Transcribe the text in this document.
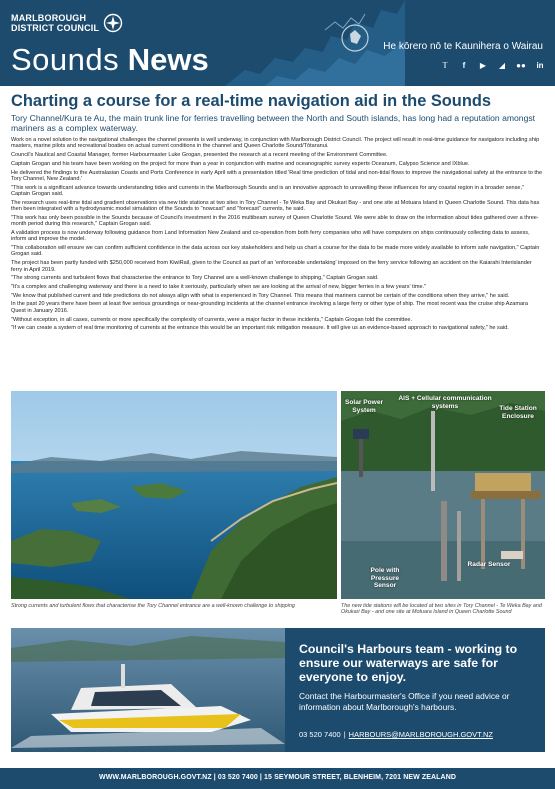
MARLBOROUGH
DISTRICT COUNCIL
Sounds News	He kōrero nō te Kaunihera o Wairau
𝕋	f	▶ ◢ ●● in
Charting a course for a real-time navigation aid in the Sounds

Tory Channel/Kura te Au, the main trunk line for ferries travelling between the North and South islands, has long had a reputation amongst mariners as a complex waterway.

Work on a novel solution to the navigational challenges the channel presents is well underway, in conjunction with Marlborough District Council. The project will result in real-time guidance for navigators including ship masters, marine pilots and recreational boaties on actual current conditions in the channel and Queen Charlotte Sound/Tōtaranui.

Council's Nautical and Coastal Manager, former Harbourmaster Luke Grogan, presented the research at a recent meeting of the Environment Committee.

Captain Grogan and his team have been working on the project for more than a year in conjunction with marine and oceanographic survey experts Oceanum, Calypso Science and IXblue.

He delivered the findings to the Australasian Coasts and Ports Conference in early April with a presentation titled 'Real time prediction of tidal and non-tidal flows to improve the navigational safety at the entrance to the Tory Channel, New Zealand.'

"This work is a significant advance towards understanding tides and currents in the Marlborough Sounds and is an innovative approach to unravelling these influences for any coastal region in a broader sense," Captain Grogan said.

The research uses real-time tidal and gradient observations via new tide stations at two sites in Tory Channel - Te Weka Bay and Okukari Bay - and one site at Motuara Island in Queen Charlotte Sound. This data has then been integrated with a hydrodynamic model simulation of the Sounds to "nowcast" and "forecast" currents, he said.

"This work has only been possible in the Sounds because of Council's investment in the 2016 multibeam survey of Queen Charlotte Sound. We were able to draw on the information about tides gathered over a three-month period during this research," Captain Grogan said.

A validation process is now underway following guidance from Land Information New Zealand and co-operation from both ferry companies who will have computers on ships continuously collecting data to assess, inform and improve the model.

"This collaboration will ensure we can confirm sufficient confidence in the data across our key stakeholders and help us chart a course for the data to be made more widely available to inform safe navigation," Captain Grogan said.

The project has been partly funded with $250,000 received from KiwiRail, given to the Council as part of an 'enforceable undertaking' imposed on the ferry service following an accident on the Kaiarahi Interislander ferry in April 2019.

"The strong currents and turbulent flows that characterise the entrance to Tory Channel are a well-known challenge to shipping," Captain Grogan said.

"It's a complex and challenging waterway and there is a need to take it seriously, particularly when we are looking at the arrival of new, bigger ferries in a few years' time."

"We know that published current and tide predictions do not always align with what is experienced in Tory Channel. This means that mariners cannot be certain of the conditions when they arrive," he said.

In the past 20 years there have been at least five serious groundings or near-grounding incidents at the channel entrance involving a large ferry or other type of ship. The most recent was the cruise ship Azamara Quest in January 2016.

"Without exception, in all cases, currents or more specifically the complexity of currents, were a major factor in these incidents," Captain Grogan told the committee.

"If we can create a system of real time monitoring of currents at the entrance this would be an important risk mitigation measure. It will give us an evidence-based approach to navigational safety," he said.

Solar Power System
AIS + Cellular communication systems	Tide Station Enclosure
Radar Sensor
Pole with Pressure Sensor
Strong currents and turbulent flows that characterise the Tory Channel entrance are a well-known challenge to shipping	The new tide stations will be located at two sites in Tory Channel - Te Weka Bay and Okukari Bay - and one site at Motuara Island in Queen Charlotte Sound

Council's Harbours team - working to ensure our waterways are safe for everyone to enjoy.

Contact the Harbourmaster's Office if you need advice or information about Marlborough's harbours.

03 520 7400 | HARBOURS@MARLBOROUGH.GOVT.NZ
WWW.MARLBOROUGH.GOVT.NZ | 03 520 7400 | 15 SEYMOUR STREET, BLENHEIM, 7201 NEW ZEALAND
